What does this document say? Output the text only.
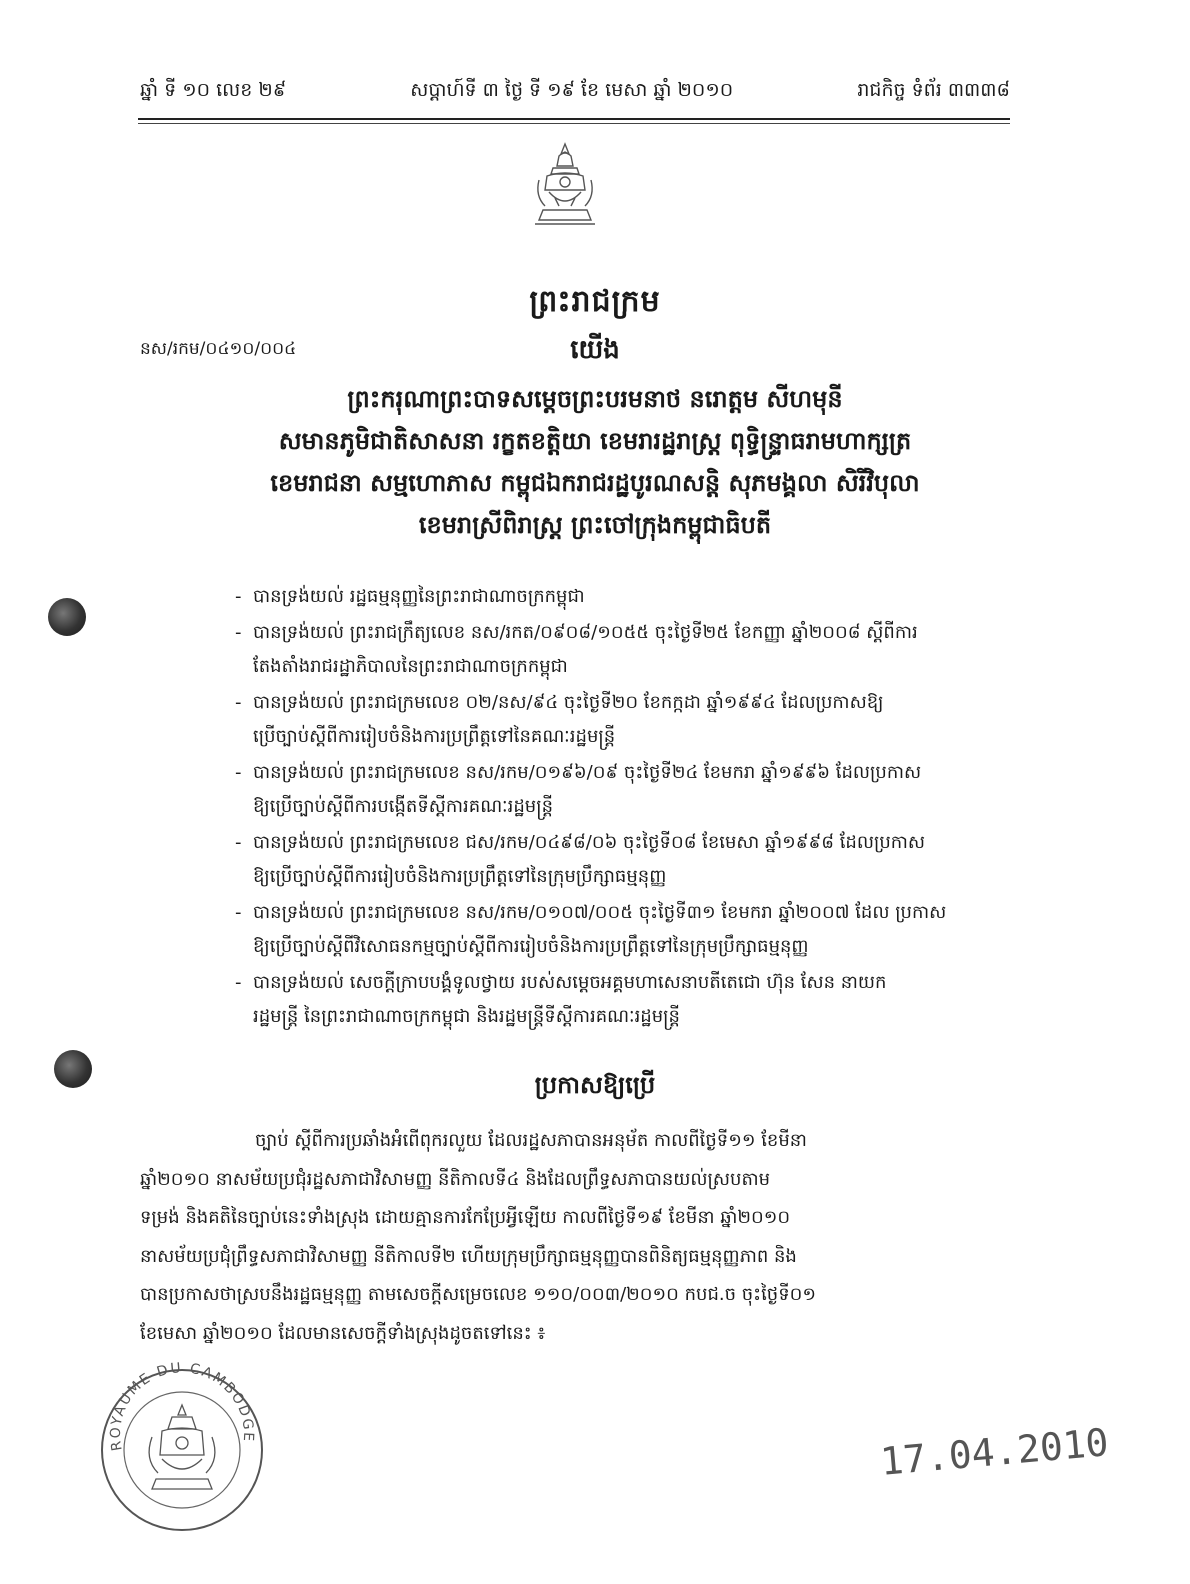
ឆ្នាំ ទី ១០ លេខ ២៩	សប្តាហ៍ទី ៣ ថ្ងៃ ទី ១៩ ខែ មេសា ឆ្នាំ ២០១០	រាជកិច្ច ទំព័រ ៣៣៣៨
ព្រះរាជក្រម
នស/រកម/០៤១០/០០៤	យើង
ព្រះករុណាព្រះបាទសម្តេចព្រះបរមនាថ នរោត្តម សីហមុនី
សមានភូមិជាតិសាសនា រក្ខតខត្តិយា ខេមរារដ្ឋរាស្ត្រ ពុទ្ធិន្ទ្រាធរាមហាក្សត្រ
ខេមរាជនា សម្មហោភាស កម្ពុជឯករាជរដ្ឋបូរណសន្តិ សុភមង្គលា សិរីវិបុលា
ខេមរាស្រីពិរាស្ត្រ ព្រះចៅក្រុងកម្ពុជាធិបតី
- បានទ្រង់យល់ រដ្ឋធម្មនុញ្ញនៃព្រះរាជាណាចក្រកម្ពុជា
- បានទ្រង់យល់ ព្រះរាជក្រឹត្យលេខ នស/រកត/០៩០៨/១០៥៥ ចុះថ្ងៃទី២៥ ខែកញ្ញា ឆ្នាំ២០០៨ ស្តីពីការ
តែងតាំងរាជរដ្ឋាភិបាលនៃព្រះរាជាណាចក្រកម្ពុជា
- បានទ្រង់យល់ ព្រះរាជក្រមលេខ ០២/នស/៩៤ ចុះថ្ងៃទី២០ ខែកក្កដា ឆ្នាំ១៩៩៤ ដែលប្រកាសឱ្យ
ប្រើច្បាប់ស្តីពីការរៀបចំនិងការប្រព្រឹត្តទៅនៃគណៈរដ្ឋមន្ត្រី
- បានទ្រង់យល់ ព្រះរាជក្រមលេខ នស/រកម/០១៩៦/០៩ ចុះថ្ងៃទី២៤ ខែមករា ឆ្នាំ១៩៩៦ ដែលប្រកាស
ឱ្យប្រើច្បាប់ស្តីពីការបង្កើតទីស្តីការគណៈរដ្ឋមន្ត្រី
- បានទ្រង់យល់ ព្រះរាជក្រមលេខ ជស/រកម/០៤៩៨/០៦ ចុះថ្ងៃទី០៨ ខែមេសា ឆ្នាំ១៩៩៨ ដែលប្រកាស
ឱ្យប្រើច្បាប់ស្តីពីការរៀបចំនិងការប្រព្រឹត្តទៅនៃក្រុមប្រឹក្សាធម្មនុញ្ញ
- បានទ្រង់យល់ ព្រះរាជក្រមលេខ នស/រកម/០១០៧/០០៥ ចុះថ្ងៃទី៣១ ខែមករា ឆ្នាំ២០០៧ ដែល ប្រកាស
ឱ្យប្រើច្បាប់ស្តីពីវិសោធនកម្មច្បាប់ស្តីពីការរៀបចំនិងការប្រព្រឹត្តទៅនៃក្រុមប្រឹក្សាធម្មនុញ្ញ
- បានទ្រង់យល់ សេចក្តីក្រាបបង្គំទូលថ្វាយ របស់សម្តេចអគ្គមហាសេនាបតីតេជោ ហ៊ុន សែន នាយក
រដ្ឋមន្ត្រី នៃព្រះរាជាណាចក្រកម្ពុជា និងរដ្ឋមន្ត្រីទីស្តីការគណៈរដ្ឋមន្ត្រី
ប្រកាសឱ្យប្រើ
ច្បាប់ ស្តីពីការប្រឆាំងអំពើពុករលួយ ដែលរដ្ឋសភាបានអនុម័ត កាលពីថ្ងៃទី១១ ខែមីនា
ឆ្នាំ២០១០ នាសម័យប្រជុំរដ្ឋសភាជាវិសាមញ្ញ នីតិកាលទី៤ និងដែលព្រឹទ្ធសភាបានយល់ស្របតាម
ទម្រង់ និងគតិនៃច្បាប់នេះទាំងស្រុង ដោយគ្មានការកែប្រែអ្វីឡើយ កាលពីថ្ងៃទី១៩ ខែមីនា ឆ្នាំ២០១០
នាសម័យប្រជុំព្រឹទ្ធសភាជាវិសាមញ្ញ នីតិកាលទី២ ហើយក្រុមប្រឹក្សាធម្មនុញ្ញបានពិនិត្យធម្មនុញ្ញភាព និង
បានប្រកាសថាស្របនឹងរដ្ឋធម្មនុញ្ញ តាមសេចក្តីសម្រេចលេខ ១១០/០០៣/២០១០ កបជ.ច ចុះថ្ងៃទី០១
ខែមេសា ឆ្នាំ២០១០ ដែលមានសេចក្តីទាំងស្រុងដូចតទៅនេះ ៖
ROYAUME DU CAMBODGE	17.04.2010
